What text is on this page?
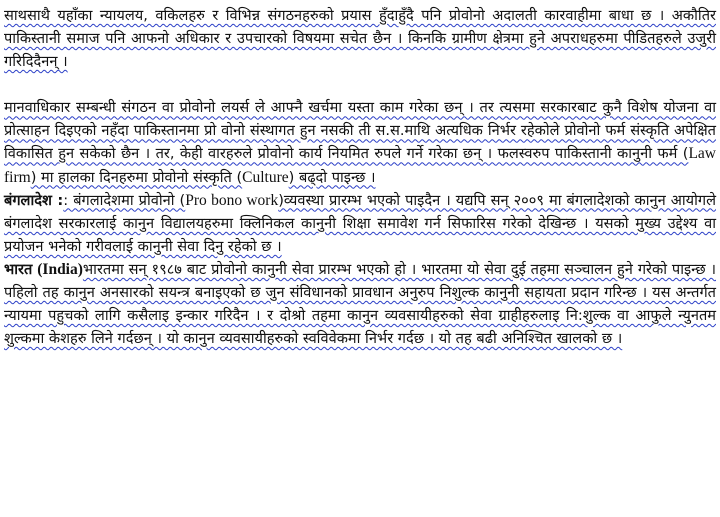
साथसाथै यहाँका न्यायलय, वकिलहरु र विभिन्न संगठनहरुको प्रयास हुँदाहुँदै पनि प्रोवोनो अदालती कारवाहीमा बाधा छ । अकौतिर पाकिस्तानी समाज पनि आफनो अधिकार र उपचारको विषयमा सचेत छैन । किनकि ग्रामीण क्षेत्रमा हुने अपराधहरुमा पीडितहरुले उजुरी गरिदिदैनन् ।

मानवाधिकार सम्बन्धी संगठन वा प्रोवोनो लयर्स ले आफ्नै खर्चमा यस्ता काम गरेका छन् । तर त्यसमा सरकारबाट कुनै विशेष योजना वा प्रोत्साहन दिइएको नहँदा पाकिस्तानमा प्रो वोनो संस्थागत हुन नसकी ती स.स.माथि अत्यधिक निर्भर रहेकोले प्रोवोनो फर्म संस्कृति अपेक्षित विकासित हुन सकेको छैन । तर, केही वारहरुले प्रोवोनो कार्य नियमित रुपले गर्ने गरेका छन् । फलस्वरुप पाकिस्तानी कानुनी फर्म (Law firm) मा हालका दिनहरुमा प्रोवोनो संस्कृति (Culture) बढ्दो पाइन्छ ।

बंगलादेश :: बंगलादेशमा प्रोवोनो (Pro bono work)व्यवस्था प्रारम्भ भएको पाइदैन । यद्यपि सन् २००९ मा बंगलादेशको कानुन आयोगले बंगलादेश सरकारलाई कानुन विद्यालयहरुमा क्लिनिकल कानुनी शिक्षा समावेश गर्न सिफारिस गरेको देखिन्छ । यसको मुख्य उद्देश्य वा प्रयोजन भनेको गरीवलाई कानुनी सेवा दिनु रहेको छ ।

भारत (India)भारतमा सन् १९८७ बाट प्रोवोनो कानुनी सेवा प्रारम्भ भएको हो । भारतमा यो सेवा दुई तहमा सञ्चालन हुने गरेको पाइन्छ । पहिलो तह कानुन अनसारको सयन्त्र बनाइएको छ जुन संविधानको प्रावधान अनुरुप निशुल्क कानुनी सहायता प्रदान गरिन्छ । यस अन्तर्गत न्यायमा पहुचको लागि कसैलाइ इन्कार गरिदैन । र दोश्रो तहमा कानुन व्यवसायीहरुको सेवा ग्राहीहरुलाइ नि:शुल्क वा आफुले न्युनतम शुल्कमा केशहरु लिने गर्दछन् । यो कानुन व्यवसायीहरुको स्वविवेकमा निर्भर गर्दछ । यो तह बढी अनिश्चित खालको छ ।
